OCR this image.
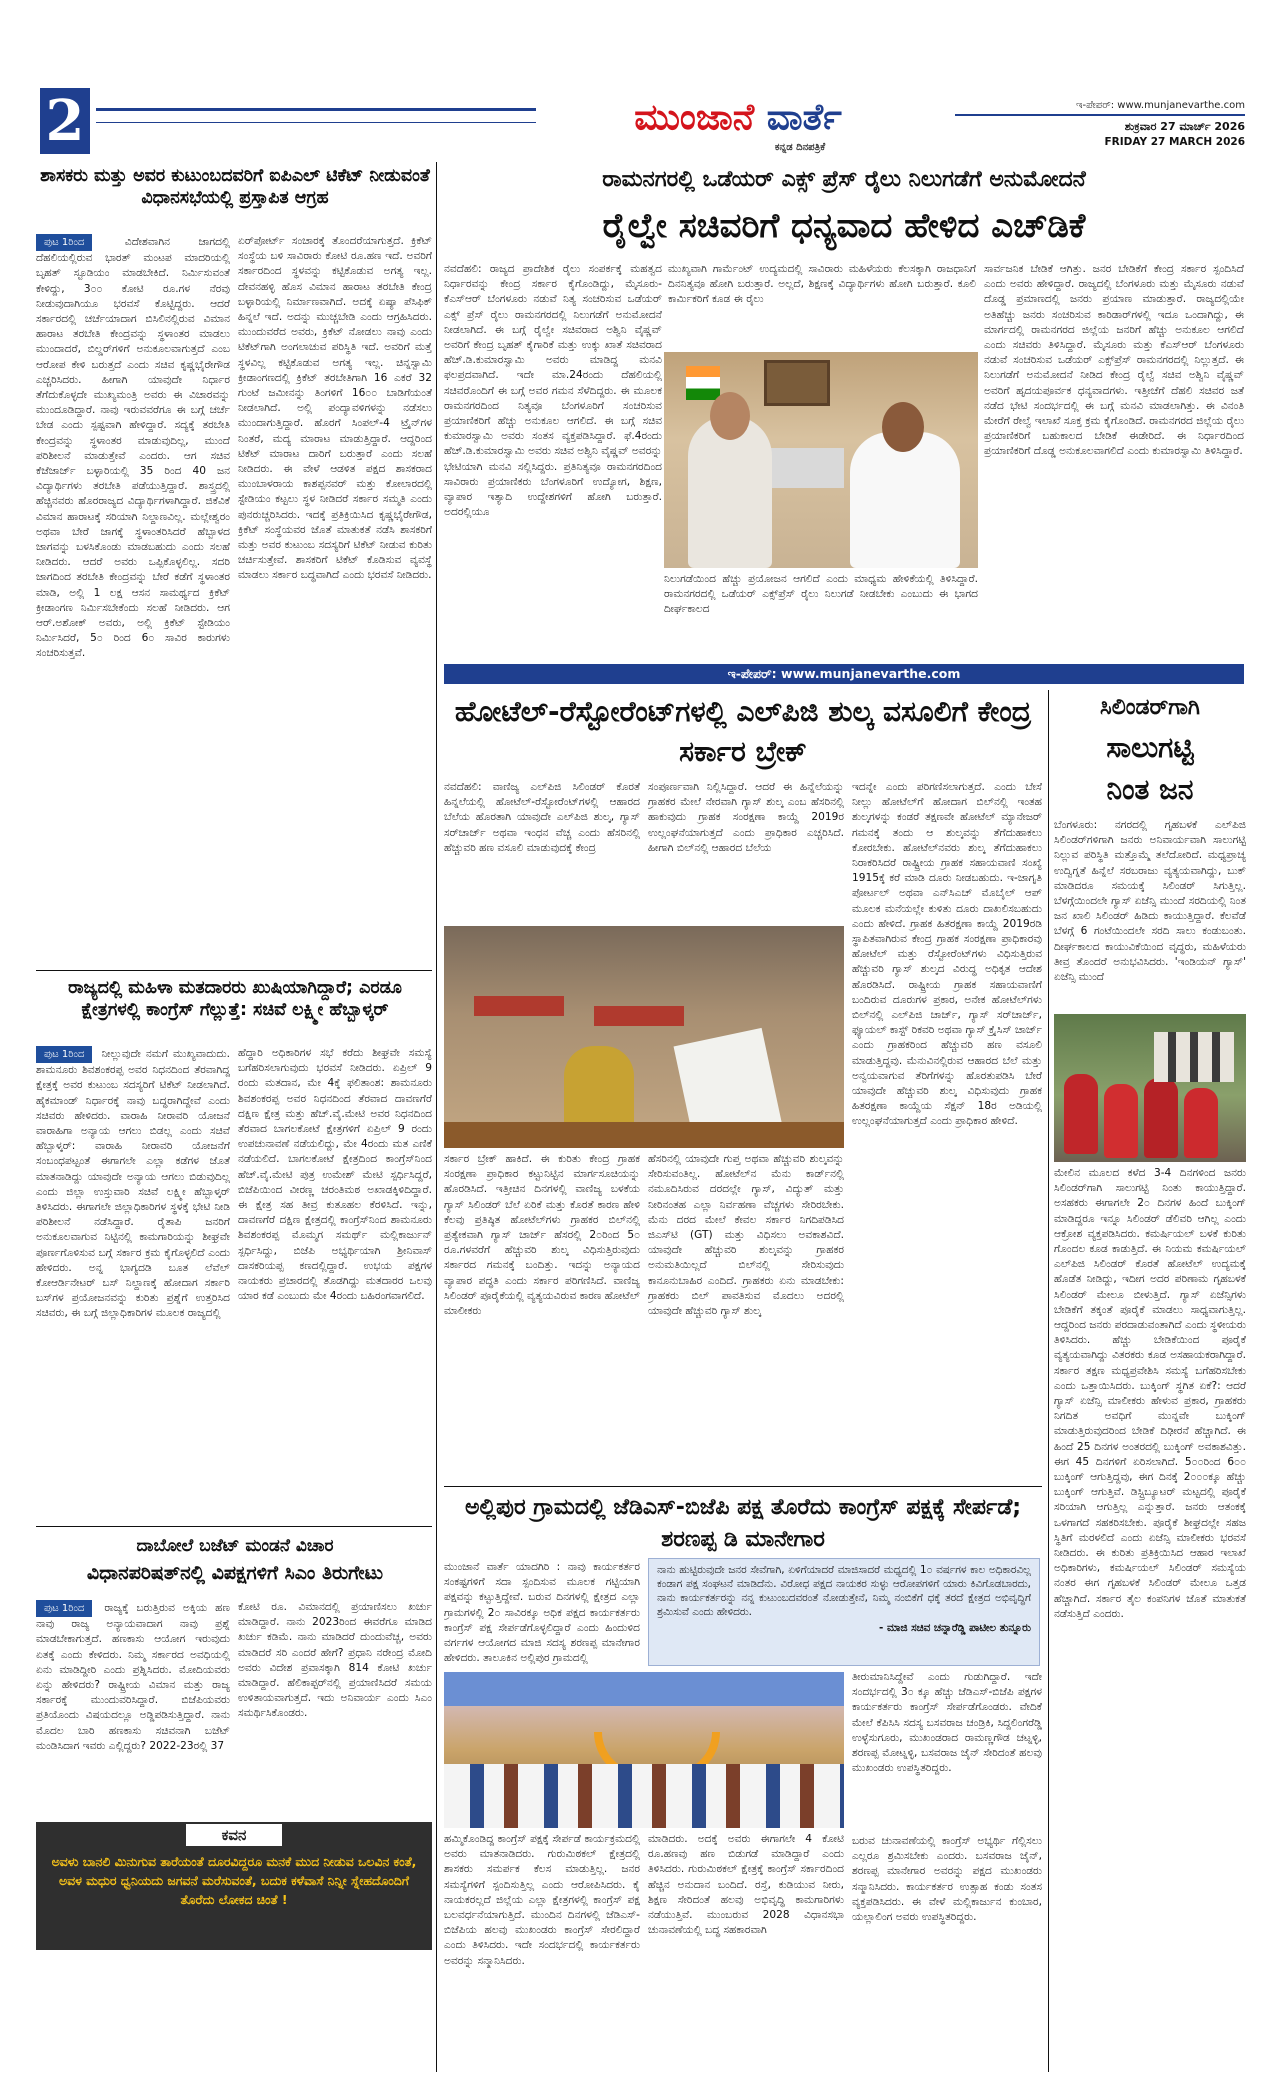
2	ಮುಂಜಾನೆ ವಾರ್ತೆ
ಕನ್ನಡ ದಿನಪತ್ರಿಕೆ
ಇ-ಪೇಪರ್: www.munjanevarthe.com
ಶುಕ್ರವಾರ 27 ಮಾರ್ಚ್ 2026
FRIDAY 27 MARCH 2026
ಶಾಸಕರು ಮತ್ತು ಅವರ ಕುಟುಂಬದವರಿಗೆ ಐಪಿಎಲ್ ಟಿಕೆಟ್ ನೀಡುವಂತೆ ವಿಧಾನಸಭೆಯಲ್ಲಿ ಪ್ರಸ್ತಾಪಿತ ಆಗ್ರಹ
ಪುಟ 1ರಿಂದ	ವಿದೇಶವಾಗಿನ ಜಾಗದಲ್ಲಿ ದೆಹಲಿಯಲ್ಲಿರುವ ಭಾರತ್ ಮಂಟಪ ಮಾದರಿಯಲ್ಲಿ ಬೃಹತ್ ಸ್ಟೂಡಿಯಂ ಮಾಡಬೇಕಿದೆ. ನಿರ್ಮಿಸುವಂತೆ ಕೇಳಿದ್ದು, 3೦೦ ಕೋಟಿ ರೂ.ಗಳ ನೆರವು ನೀಡುವುದಾಗಿಯೂ ಭರವಸೆ ಕೊಟ್ಟಿದ್ದರು. ಆದರೆ ಸರ್ಕಾರದಲ್ಲಿ ಚರ್ಚೆಯಾದಾಗ ಬಿಸಿಲಿನಲ್ಲಿರುವ ವಿಮಾನ ಹಾರಾಟ ತರಬೇತಿ ಕೇಂದ್ರವನ್ನು ಸ್ಥಳಾಂತರ ಮಾಡಲು ಮುಂದಾದರೆ, ಬಿಲ್ಡರ್‌ಗಳಿಗೆ ಅನುಕೂಲವಾಗುತ್ತದೆ ಎಂಬ ಆರೋಪ ಕೇಳಿ ಬರುತ್ತದೆ ಎಂದು ಸಚಿವ ಕೃಷ್ಣಭೈರೇಗೌಡ ಎಚ್ಚರಿಸಿದರು. ಹೀಗಾಗಿ ಯಾವುದೇ ನಿರ್ಧಾರ ತೆಗೆದುಕೊಳ್ಳದೇ ಮುಖ್ಯಮಂತ್ರಿ ಅವರು ಈ ವಿಚಾರವನ್ನು ಮುಂದೂಡಿದ್ದಾರೆ. ನಾವು ಇರುವವರೆಗೂ ಈ ಬಗ್ಗೆ ಚರ್ಚೆ ಬೇಡ ಎಂದು ಸ್ಪಷ್ಟವಾಗಿ ಹೇಳಿದ್ದಾರೆ. ಸದ್ಯಕ್ಕೆ ತರಬೇತಿ ಕೇಂದ್ರವನ್ನು ಸ್ಥಳಾಂತರ ಮಾಡುವುದಿಲ್ಲ, ಮುಂದೆ ಪರಿಶೀಲನೆ ಮಾಡುತ್ತೇವೆ ಎಂದರು. ಆಗ ಸಚಿವ ಕೆಜೆಜಾರ್ಜ್ ಬಳ್ಳಾರಿಯಲ್ಲಿ 35 ರಿಂದ 40 ಜನ ವಿದ್ಯಾರ್ಥಿಗಳು ತರಬೇತಿ ಪಡೆಯುತ್ತಿದ್ದಾರೆ. ಶಾಸ್ತ್ರದಲ್ಲಿ ಹೆಚ್ಚಿನವರು ಹೊರರಾಜ್ಯದ ವಿದ್ಯಾರ್ಥಿಗಳಾಗಿದ್ದಾರೆ. ಜಿಕೆವಿಕೆ ವಿಮಾನ ಹಾರಾಟಕ್ಕೆ ಸರಿಯಾಗಿ ನಿಲ್ದಾಣವಿಲ್ಲ. ಮಲ್ಲೇಶ್ವರಂ ಅಥವಾ ಬೇರೆ ಜಾಗಕ್ಕೆ ಸ್ಥಳಾಂತರಿಸಿದರೆ ಹೆಬ್ಬಾಳದ ಜಾಗವನ್ನು ಬಳಸಿಕೊಂಡು ಮಾಡಬಹುದು ಎಂದು ಸಲಹೆ ನೀಡಿದರು. ಆದರೆ ಅವರು ಒಪ್ಪಿಕೊಳ್ಳಲಿಲ್ಲ. ಸದರಿ ಜಾಗದಿಂದ ತರಬೇತಿ ಕೇಂದ್ರವನ್ನು ಬೇರೆ ಕಡೆಗೆ ಸ್ಥಳಾಂತರ ಮಾಡಿ, ಅಲ್ಲಿ 1 ಲಕ್ಷ ಆಸನ ಸಾಮರ್ಥ್ಯದ ಕ್ರಿಕೆಟ್ ಕ್ರೀಡಾಂಗಣ ನಿರ್ಮಿಸಬೇಕೆಂದು ಸಲಹೆ ನೀಡಿದರು. ಆಗ ಆರ್.ಅಶೋಕ್ ಅವರು, ಅಲ್ಲಿ ಕ್ರಿಕೆಟ್ ಸ್ಟೇಡಿಯಂ ನಿರ್ಮಿಸಿದರೆ, 5೦ ರಿಂದ 6೦ ಸಾವಿರ ಕಾರುಗಳು ಸಂಚರಿಸುತ್ತವೆ.
ಏರ್‌ಪೋರ್ಟ್ ಸಂಚಾರಕ್ಕೆ ತೊಂದರೆಯಾಗುತ್ತದೆ. ಕ್ರಿಕೆಟ್ ಸಂಸ್ಥೆಯ ಬಳಿ ಸಾವಿರಾರು ಕೋಟಿ ರೂ.ಹಣ ಇದೆ. ಅವರಿಗೆ ಸರ್ಕಾರದಿಂದ ಸ್ಥಳವನ್ನು ಕಟ್ಟಿಕೊಡುವ ಅಗತ್ಯ ಇಲ್ಲ. ದೇವನಹಳ್ಳಿ ಹೊಸ ವಿಮಾನ ಹಾರಾಟ ತರಬೇತಿ ಕೇಂದ್ರ ಬಳ್ಳಾರಿಯಲ್ಲಿ ನಿರ್ಮಾಣವಾಗಿದೆ. ಅದಕ್ಕೆ ಏಷ್ಯಾ ಪೆಸಿಫಿಕ್ ಹಿನ್ನಲೆ ಇದೆ. ಅದನ್ನು ಮುಚ್ಚಬೇಡಿ ಎಂದು ಆಗ್ರಹಿಸಿದರು. ಮುಂದುವರೆದ ಅವರು, ಕ್ರಿಕೆಟ್ ನೋಡಲು ನಾವು ಎಂದು ಟಿಕೆಟ್‌ಗಾಗಿ ಅಂಗಲಾಚುವ ಪರಿಸ್ಥಿತಿ ಇದೆ. ಅವರಿಗೆ ಮತ್ತೆ ಸ್ಥಳವಿಲ್ಲ ಕಟ್ಟಿಕೊಡುವ ಅಗತ್ಯ ಇಲ್ಲ. ಚಿನ್ನಸ್ವಾಮಿ ಕ್ರೀಡಾಂಗಣದಲ್ಲಿ ಕ್ರಿಕೆಟ್ ತರಬೇತಿಗಾಗಿ 16 ಎಕರೆ 32 ಗುಂಟೆ ಜಮೀನನ್ನು ತಿಂಗಳಿಗೆ 16೦೦ ಬಾಡಿಗೆಯಂತೆ ನೀಡಲಾಗಿದೆ. ಅಲ್ಲಿ ಪಂದ್ಯಾವಳಿಗಳನ್ನು ನಡೆಸಲು ಮುಂದಾಗುತ್ತಿದ್ದಾರೆ. ಹೊರಗೆ ಸಿಂಪಲ್-4 ಟ್ರೈನ್‌ಗಳ ನಿಂತರೆ, ಮದ್ಯ ಮಾರಾಟ ಮಾಡುತ್ತಿದ್ದಾರೆ. ಆದ್ದರಿಂದ ಟಿಕೆಟ್ ಮಾರಾಟ ದಾರಿಗೆ ಬರುತ್ತಾರೆ ಎಂದು ಸಲಹೆ ನೀಡಿದರು. ಈ ವೇಳೆ ಆಡಳಿತ ಪಕ್ಷದ ಶಾಸಕರಾದ ಮುಂಬಾಳರಾಯ ಕಾಶಪ್ಪನವರ್ ಮತ್ತು ಕೋಲಾರದಲ್ಲಿ ಸ್ಟೇಡಿಯಂ ಕಟ್ಟಲು ಸ್ಥಳ ನೀಡಿದರೆ ಸರ್ಕಾರ ಸಮ್ಮತಿ ಎಂದು ಪುನರುಚ್ಚರಿಸಿದರು. ಇದಕ್ಕೆ ಪ್ರತಿಕ್ರಿಯಿಸಿದ ಕೃಷ್ಣಭೈರೇಗೌಡ, ಕ್ರಿಕೆಟ್ ಸಂಸ್ಥೆಯವರ ಜೊತೆ ಮಾತುಕತೆ ನಡೆಸಿ ಶಾಸಕರಿಗೆ ಮತ್ತು ಅವರ ಕುಟುಂಬ ಸದಸ್ಯರಿಗೆ ಟಿಕೆಟ್ ನೀಡುವ ಕುರಿತು ಚರ್ಚಿಸುತ್ತೇವೆ. ಶಾಸಕರಿಗೆ ಟಿಕೆಟ್ ಕೊಡಿಸುವ ವ್ಯವಸ್ಥೆ ಮಾಡಲು ಸರ್ಕಾರ ಬದ್ಧವಾಗಿದೆ ಎಂದು ಭರವಸೆ ನೀಡಿದರು.
ರಾಜ್ಯದಲ್ಲಿ ಮಹಿಳಾ ಮತದಾರರು ಖುಷಿಯಾಗಿದ್ದಾರೆ; ಎರಡೂ ಕ್ಷೇತ್ರಗಳಲ್ಲಿ ಕಾಂಗ್ರೆಸ್ ಗೆಲ್ಲುತ್ತೆ: ಸಚಿವೆ ಲಕ್ಷ್ಮೀ ಹೆಬ್ಬಾಳ್ಕರ್
ಪುಟ 1ರಿಂದ ನೀಲ್ಲುವುದೇ ನಮಗೆ ಮುಖ್ಯವಾದುದು. ಶಾಮನೂರು ಶಿವಶಂಕರಪ್ಪ ಅವರ ನಿಧನದಿಂದ ತೆರವಾಗಿದ್ದ ಕ್ಷೇತ್ರಕ್ಕೆ ಅವರ ಕುಟುಂಬ ಸದಸ್ಯರಿಗೆ ಟಿಕೆಟ್ ನೀಡಲಾಗಿದೆ. ಹೈಕಮಾಂಡ್ ನಿರ್ಧಾರಕ್ಕೆ ನಾವು ಬದ್ಧರಾಗಿದ್ದೇವೆ ಎಂದು ಸಚಿವರು ಹೇಳಿದರು. ವಾರಾಹಿ ನೀರಾವರಿ ಯೋಜನೆ ವಾರಾಹಿಗಾ ಅನ್ಯಾಯ ಆಗಲು ಬಿಡಲ್ಲ ಎಂದು ಸಚಿವೆ ಹೆಬ್ಬಾಳ್ಕರ್: ವಾರಾಹಿ ನೀರಾವರಿ ಯೋಜನೆಗೆ ಸಂಬಂಧಪಟ್ಟಂತೆ ಈಗಾಗಲೇ ಎಲ್ಲಾ ಕಡೆಗಳ ಜೊತೆ ಮಾತನಾಡಿದ್ದು ಯಾವುದೇ ಅನ್ಯಾಯ ಆಗಲು ಬಿಡುವುದಿಲ್ಲ ಎಂದು ಜಿಲ್ಲಾ ಉಸ್ತುವಾರಿ ಸಚಿವೆ ಲಕ್ಷ್ಮೀ ಹೆಬ್ಬಾಳ್ಕರ್ ತಿಳಿಸಿದರು. ಈಗಾಗಲೇ ಜಿಲ್ಲಾಧಿಕಾರಿಗಳ ಸ್ಥಳಕ್ಕೆ ಭೇಟಿ ನೀಡಿ ಪರಿಶೀಲನೆ ನಡೆಸಿದ್ದಾರೆ. ರೈತಾಪಿ ಜನರಿಗೆ ಅನುಕೂಲವಾಗುವ ನಿಟ್ಟಿನಲ್ಲಿ ಕಾಮಗಾರಿಯನ್ನು ಶೀಘ್ರವೇ ಪೂರ್ಣಗೊಳಿಸುವ ಬಗ್ಗೆ ಸರ್ಕಾರ ಕ್ರಮ ಕೈಗೊಳ್ಳಲಿದೆ ಎಂದು ಹೇಳಿದರು. ಅನ್ನ ಭಾಗ್ಯದಡಿ ಬೂತ ಲೆವೆಲ್ ಕೋಆರ್ಡಿನೇಟರ್ ಬಸ್ ನಿಲ್ದಾಣಕ್ಕೆ ಹೋದಾಗ ಸರ್ಕಾರಿ ಬಸ್‌ಗಳ ಪ್ರಯೋಜನವನ್ನು ಕುರಿತು ಪ್ರಶ್ನೆಗೆ ಉತ್ತರಿಸಿದ ಸಚಿವರು, ಈ ಬಗ್ಗೆ ಜಿಲ್ಲಾಧಿಕಾರಿಗಳ ಮೂಲಕ ರಾಜ್ಯದಲ್ಲಿ
ಹೆದ್ದಾರಿ ಅಧಿಕಾರಿಗಳ ಸಭೆ ಕರೆದು ಶೀಘ್ರವೇ ಸಮಸ್ಯೆ ಬಗೆಹರಿಸಲಾಗುವುದು ಭರವಸೆ ನೀಡಿದರು. ಏಪ್ರಿಲ್ 9 ರಂದು ಮತದಾನ, ಮೇ 4ಕ್ಕೆ ಫಲಿತಾಂಶ: ಶಾಮನೂರು ಶಿವಶಂಕರಪ್ಪ ಅವರ ನಿಧನದಿಂದ ತೆರವಾದ ದಾವಣಗೆರೆ ದಕ್ಷಿಣ ಕ್ಷೇತ್ರ ಮತ್ತು ಹೆಚ್.ವೈ.ಮೇಟಿ ಅವರ ನಿಧನದಿಂದ ತೆರವಾದ ಬಾಗಲಕೋಟೆ ಕ್ಷೇತ್ರಗಳಿಗೆ ಏಪ್ರಿಲ್ 9 ರಂದು ಉಪಚುನಾವಣೆ ನಡೆಯಲಿದ್ದು, ಮೇ 4ರಂದು ಮತ ಎಣಿಕೆ ನಡೆಯಲಿದೆ. ಬಾಗಲಕೋಟೆ ಕ್ಷೇತ್ರದಿಂದ ಕಾಂಗ್ರೆಸ್‌ನಿಂದ ಹೆಚ್.ವೈ.ಮೇಟಿ ಪುತ್ರ ಉಮೇಶ್ ಮೇಟಿ ಸ್ಪರ್ಧಿಸಿದ್ದರೆ, ಬಿಜೆಪಿಯಿಂದ ವೀರಣ್ಣ ಚರಂತಿಮಠ ಅಖಾಡಕ್ಕಿಳಿದಿದ್ದಾರೆ. ಈ ಕ್ಷೇತ್ರ ಸಹ ತೀವ್ರ ಕುತೂಹಲ ಕೆರಳಿಸಿದೆ. ಇನ್ನು, ದಾವಣಗೆರೆ ದಕ್ಷಿಣ ಕ್ಷೇತ್ರದಲ್ಲಿ ಕಾಂಗ್ರೆಸ್‌ನಿಂದ ಶಾಮನೂರು ಶಿವಶಂಕರಪ್ಪ ಮೊಮ್ಮಗ ಸಮರ್ಥ್ ಮಲ್ಲಿಕಾರ್ಜುನ್ ಸ್ಪರ್ಧಿಸಿದ್ದು, ಬಿಜೆಪಿ ಅಭ್ಯರ್ಥಿಯಾಗಿ ಶ್ರೀನಿವಾಸ್ ದಾಸಕರಿಯಪ್ಪ ಕಣದಲ್ಲಿದ್ದಾರೆ. ಉಭಯ ಪಕ್ಷಗಳ ನಾಯಕರು ಪ್ರಚಾರದಲ್ಲಿ ತೊಡಗಿದ್ದು ಮತದಾರರ ಒಲವು ಯಾರ ಕಡೆ ಎಂಬುದು ಮೇ 4ರಂದು ಬಹಿರಂಗವಾಗಲಿದೆ.
ದಾಬೋಲೆ ಬಜೆಟ್ ಮಂಡನೆ ವಿಚಾರ
ವಿಧಾನಪರಿಷತ್‌ನಲ್ಲಿ ವಿಪಕ್ಷಗಳಿಗೆ ಸಿಎಂ ತಿರುಗೇಟು
ಪುಟ 1ರಿಂದ ರಾಜ್ಯಕ್ಕೆ ಬರುತ್ತಿರುವ ಅಕ್ಕಿಯ ಹಣ ನಾವು ರಾಜ್ಯ ಅನ್ಯಾಯವಾದಾಗ ನಾವು ಪ್ರಶ್ನೆ ಮಾಡಬೇಕಾಗುತ್ತದೆ. ಹಣಕಾಸು ಆಯೋಗ ಇರುವುದು ಏತಕ್ಕೆ ಎಂದು ಕೇಳಿದರು. ನಿಮ್ಮ ಸರ್ಕಾರದ ಅವಧಿಯಲ್ಲಿ ಏನು ಮಾಡಿದ್ದೀರಿ ಎಂದು ಪ್ರಶ್ನಿಸಿದರು. ಮೋದಿಯವರು ಏನ್ನು ಹೇಳಿದರು? ರಾಷ್ಟ್ರೀಯ ವಿಮಾನ ಮತ್ತು ರಾಜ್ಯ ಸರ್ಕಾರಕ್ಕೆ ಮುಂದುವರಿಸಿದ್ದಾರೆ. ಬಿಜೆಪಿಯವರು ಪ್ರತಿಯೊಂದು ವಿಷಯದಲ್ಲೂ ಅಡ್ಡಿಪಡಿಸುತ್ತಿದ್ದಾರೆ. ನಾನು ಮೊದಲ ಬಾರಿ ಹಣಕಾಸು ಸಚಿವನಾಗಿ ಬಜೆಟ್ ಮಂಡಿಸಿದಾಗ ಇವರು ಎಲ್ಲಿದ್ದರು? 2022-23ರಲ್ಲಿ 37
ಕೋಟಿ ರೂ. ವಿಮಾನದಲ್ಲಿ ಪ್ರಯಾಣಿಸಲು ಖರ್ಚು ಮಾಡಿದ್ದಾರೆ. ನಾನು 2023ರಿಂದ ಈವರೆಗೂ ಮಾಡಿದ ಖರ್ಚು ಕಡಿಮೆ. ನಾನು ಮಾಡಿದರೆ ದುಂದುವೆಚ್ಚ, ಅವರು ಮಾಡಿದರೆ ಸರಿ ಎಂದರೆ ಹೇಗೆ? ಪ್ರಧಾನಿ ನರೇಂದ್ರ ಮೋದಿ ಅವರು ವಿದೇಶ ಪ್ರವಾಸಕ್ಕಾಗಿ 814 ಕೋಟಿ ಖರ್ಚು ಮಾಡಿದ್ದಾರೆ. ಹೆಲಿಕಾಪ್ಟರ್‌ನಲ್ಲಿ ಪ್ರಯಾಣಿಸಿದರೆ ಸಮಯ ಉಳಿತಾಯವಾಗುತ್ತದೆ. ಇದು ಅನಿವಾರ್ಯ ಎಂದು ಸಿಎಂ ಸಮರ್ಥಿಸಿಕೊಂಡರು.
ಕವನ
ಅವಳು ಬಾನಲಿ ಮಿನುಗುವ ತಾರೆಯಂತೆ ದೂರವಿದ್ದರೂ ಮನಕೆ ಮುದ ನೀಡುವ ಒಲವಿನ ಕಂತೆ, ಅವಳ ಮಧುರ ಧ್ವನಿಯದು ಜಗವನೆ ಮರೆಸುವಂತೆ, ಬದುಕ ಕಳೆವಾಸೆ ನಿನ್ನೀ ಸ್ನೇಹದೊಂದಿಗೆ ತೊರೆದು ಲೋಕದ ಚಿಂತೆ !
ರಾಮನಗರಲ್ಲಿ ಒಡೆಯರ್ ಎಕ್ಸ್ ಪ್ರೆಸ್ ರೈಲು ನಿಲುಗಡೆಗೆ ಅನುಮೋದನೆ
ರೈಲ್ವೇ ಸಚಿವರಿಗೆ ಧನ್ಯವಾದ ಹೇಳಿದ ಎಚ್‌ಡಿಕೆ
ನವದೆಹಲಿ: ರಾಜ್ಯದ ಪ್ರಾದೇಶಿಕ ರೈಲು ಸಂಪರ್ಕಕ್ಕೆ ಮಹತ್ವದ ನಿರ್ಧಾರವನ್ನು ಕೇಂದ್ರ ಸರ್ಕಾರ ಕೈಗೊಂಡಿದ್ದು, ಮೈಸೂರು-ಕೆಎಸ್‌ಆರ್ ಬೆಂಗಳೂರು ನಡುವೆ ನಿತ್ಯ ಸಂಚರಿಸುವ ಒಡೆಯರ್ ಎಕ್ಸ್ ಪ್ರೆಸ್ ರೈಲು ರಾಮನಗರದಲ್ಲಿ ನಿಲುಗಡೆಗೆ ಅನುಮೋದನೆ ನೀಡಲಾಗಿದೆ. ಈ ಬಗ್ಗೆ ರೈಲ್ವೇ ಸಚಿವರಾದ ಅಶ್ವಿನಿ ವೈಷ್ಣವ್ ಅವರಿಗೆ ಕೇಂದ್ರ ಬೃಹತ್ ಕೈಗಾರಿಕೆ ಮತ್ತು ಉಕ್ಕು ಖಾತೆ ಸಚಿವರಾದ ಹೆಚ್.ಡಿ.ಕುಮಾರಸ್ವಾಮಿ ಅವರು ಮಾಡಿದ್ದ ಮನವಿ ಫಲಪ್ರದವಾಗಿದೆ. ಇದೇ ಮಾ.24ರಂದು ದೆಹಲಿಯಲ್ಲಿ ಸಚಿವರೊಂದಿಗೆ ಈ ಬಗ್ಗೆ ಅವರ ಗಮನ ಸೆಳೆದಿದ್ದರು. ಈ ಮೂಲಕ ರಾಮನಗರದಿಂದ ನಿತ್ಯವೂ ಬೆಂಗಳೂರಿಗೆ ಸಂಚರಿಸುವ ಪ್ರಯಾಣಿಕರಿಗೆ ಹೆಚ್ಚು ಅನುಕೂಲ ಆಗಲಿದೆ. ಈ ಬಗ್ಗೆ ಸಚಿವ ಕುಮಾರಸ್ವಾಮಿ ಅವರು ಸಂತಸ ವ್ಯಕ್ತಪಡಿಸಿದ್ದಾರೆ. ಫೆ.4ರಂದು ಹೆಚ್.ಡಿ.ಕುಮಾರಸ್ವಾಮಿ ಅವರು ಸಚಿವ ಅಶ್ವಿನಿ ವೈಷ್ಣವ್ ಅವರನ್ನು ಭೇಟಿಯಾಗಿ ಮನವಿ ಸಲ್ಲಿಸಿದ್ದರು. ಪ್ರತಿನಿತ್ಯವೂ ರಾಮನಗರದಿಂದ ಸಾವಿರಾರು ಪ್ರಯಾಣಿಕರು ಬೆಂಗಳೂರಿಗೆ ಉದ್ಯೋಗ, ಶಿಕ್ಷಣ, ವ್ಯಾಪಾರ ಇತ್ಯಾದಿ ಉದ್ದೇಶಗಳಿಗೆ ಹೋಗಿ ಬರುತ್ತಾರೆ. ಅದರಲ್ಲಿಯೂ
ಮುಖ್ಯವಾಗಿ ಗಾರ್ಮೆಂಟ್ ಉದ್ಯಮದಲ್ಲಿ ಸಾವಿರಾರು ಮಹಿಳೆಯರು ಕೆಲಸಕ್ಕಾಗಿ ರಾಜಧಾನಿಗೆ ದಿನನಿತ್ಯವೂ ಹೋಗಿ ಬರುತ್ತಾರೆ. ಅಲ್ಲದೆ, ಶಿಕ್ಷಣಕ್ಕೆ ವಿದ್ಯಾರ್ಥಿಗಳು ಹೋಗಿ ಬರುತ್ತಾರೆ. ಕೂಲಿ ಕಾರ್ಮಿಕರಿಗೆ ಕೂಡ ಈ ರೈಲು
ಸಾರ್ವಜನಿಕ ಬೇಡಿಕೆ ಆಗಿತ್ತು. ಜನರ ಬೇಡಿಕೆಗೆ ಕೇಂದ್ರ ಸರ್ಕಾರ ಸ್ಪಂದಿಸಿದೆ ಎಂದು ಅವರು ಹೇಳಿದ್ದಾರೆ. ರಾಜ್ಯದಲ್ಲಿ ಬೆಂಗಳೂರು ಮತ್ತು ಮೈಸೂರು ನಡುವೆ ದೊಡ್ಡ ಪ್ರಮಾಣದಲ್ಲಿ ಜನರು ಪ್ರಯಾಣ ಮಾಡುತ್ತಾರೆ. ರಾಜ್ಯದಲ್ಲಿಯೇ ಅತಿಹೆಚ್ಚು ಜನರು ಸಂಚರಿಸುವ ಕಾರಿಡಾರ್‌ಗಳಲ್ಲಿ ಇದೂ ಒಂದಾಗಿದ್ದು, ಈ ಮಾರ್ಗದಲ್ಲಿ ರಾಮನಗರದ ಜಿಲ್ಲೆಯ ಜನರಿಗೆ ಹೆಚ್ಚು ಅನುಕೂಲ ಆಗಲಿದೆ ಎಂದು ಸಚಿವರು ತಿಳಿಸಿದ್ದಾರೆ. ಮೈಸೂರು ಮತ್ತು ಕೆಎಸ್‌ಆರ್ ಬೆಂಗಳೂರು ನಡುವೆ ಸಂಚರಿಸುವ ಒಡೆಯರ್ ಎಕ್ಸ್‌ಪ್ರೆಸ್ ರಾಮನಗರದಲ್ಲಿ ನಿಲ್ಲುತ್ತದೆ. ಈ ನಿಲುಗಡೆಗೆ ಅನುಮೋದನೆ ನೀಡಿದ ಕೇಂದ್ರ ರೈಲ್ವೆ ಸಚಿವ ಅಶ್ವಿನಿ ವೈಷ್ಣವ್ ಅವರಿಗೆ ಹೃದಯಪೂರ್ವಕ ಧನ್ಯವಾದಗಳು. ಇತ್ತೀಚೆಗೆ ದೆಹಲಿ ಸಚಿವರ ಜತೆ ನಡೆದ ಭೇಟಿ ಸಂದರ್ಭದಲ್ಲಿ ಈ ಬಗ್ಗೆ ಮನವಿ ಮಾಡಲಾಗಿತ್ತು. ಈ ವಿನಂತಿ ಮೇರೆಗೆ ರೇಲ್ವೆ ಇಲಾಖೆ ಸೂಕ್ತ ಕ್ರಮ ಕೈಗೊಂಡಿದೆ. ರಾಮನಗರದ ಜಿಲ್ಲೆಯ ರೈಲು ಪ್ರಯಾಣಿಕರಿಗೆ ಬಹುಕಾಲದ ಬೇಡಿಕೆ ಈಡೇರಿದೆ. ಈ ನಿರ್ಧಾರದಿಂದ ಪ್ರಯಾಣಿಕರಿಗೆ ದೊಡ್ಡ ಅನುಕೂಲವಾಗಲಿದೆ ಎಂದು ಕುಮಾರಸ್ವಾಮಿ ತಿಳಿಸಿದ್ದಾರೆ.
ನಿಲುಗಡೆಯಿಂದ ಹೆಚ್ಚು ಪ್ರಯೋಜನ ಆಗಲಿದೆ ಎಂದು ಮಾಧ್ಯಮ ಹೇಳಿಕೆಯಲ್ಲಿ ತಿಳಿಸಿದ್ದಾರೆ. ರಾಮನಗರದಲ್ಲಿ ಒಡೆಯರ್ ಎಕ್ಸ್‌ಪ್ರೆಸ್ ರೈಲು ನಿಲುಗಡೆ ನೀಡಬೇಕು ಎಂಬುದು ಈ ಭಾಗದ ದೀರ್ಘಕಾಲದ
ಇ-ಪೇಪರ್: www.munjanevarthe.com
ಹೋಟೆಲ್-ರೆಸ್ಟೋರೆಂಟ್‌ಗಳಲ್ಲಿ ಎಲ್‌ಪಿಜಿ ಶುಲ್ಕ ವಸೂಲಿಗೆ ಕೇಂದ್ರ ಸರ್ಕಾರ ಬ್ರೇಕ್
ನವದೆಹಲಿ: ವಾಣಿಜ್ಯ ಎಲ್‌ಪಿಜಿ ಸಿಲಿಂಡರ್ ಕೊರತೆ ಹಿನ್ನಲೆಯಲ್ಲಿ ಹೋಟೆಲ್-ರೆಸ್ಟೋರೆಂಟ್‌ಗಳಲ್ಲಿ ಆಹಾರದ ಬೆಲೆಯ ಹೊರತಾಗಿ ಯಾವುದೇ ಎಲ್‌ಪಿಜಿ ಶುಲ್ಕ, ಗ್ಯಾಸ್ ಸರ್‌ಚಾರ್ಜ್ ಅಥವಾ ಇಂಧನ ವೆಚ್ಚ ಎಂದು ಹೆಸರಿನಲ್ಲಿ ಹೆಚ್ಚುವರಿ ಹಣ ವಸೂಲಿ ಮಾಡುವುದಕ್ಕೆ ಕೇಂದ್ರ
ಸಂಪೂರ್ಣವಾಗಿ ನಿಲ್ಲಿಸಿದ್ದಾರೆ. ಆದರೆ ಈ ಹಿನ್ನೆಲೆಯನ್ನು ಗ್ರಾಹಕರ ಮೇಲೆ ನೇರವಾಗಿ ಗ್ಯಾಸ್ ಶುಲ್ಕ ಎಂಬ ಹೆಸರಿನಲ್ಲಿ ಹಾಕುವುದು ಗ್ರಾಹಕ ಸಂರಕ್ಷಣಾ ಕಾಯ್ದೆ 2019ರ ಉಲ್ಲಂಘನೆಯಾಗುತ್ತದೆ ಎಂದು ಪ್ರಾಧಿಕಾರ ಎಚ್ಚರಿಸಿದೆ. ಹೀಗಾಗಿ ಬಿಲ್‌ನಲ್ಲಿ ಆಹಾರದ ಬೆಲೆಯ
ಇದನ್ನೇ ಎಂದು ಪರಿಗಣಿಸಲಾಗುತ್ತದೆ. ಎಂದು ಬೇಸೆ ನೀಲ್ಲು ಹೋಟೆಲ್‌ಗೆ ಹೋದಾಗ ಬಿಲ್‌ನಲ್ಲಿ ಇಂತಹ ಶುಲ್ಕಗಳನ್ನು ಕಂಡರೆ ತಕ್ಷಣವೇ ಹೋಟೆಲ್ ಮ್ಯಾನೇಜರ್ ಗಮನಕ್ಕೆ ತಂದು ಆ ಶುಲ್ಕವನ್ನು ತೆಗೆದುಹಾಕಲು ಕೋರಬೇಕು. ಹೋಟೆಲ್‌ನವರು ಶುಲ್ಕ ತೆಗೆದುಹಾಕಲು ನಿರಾಕರಿಸಿದರೆ ರಾಷ್ಟ್ರೀಯ ಗ್ರಾಹಕ ಸಹಾಯವಾಣಿ ಸಂಖ್ಯೆ 1915ಕ್ಕೆ ಕರೆ ಮಾಡಿ ದೂರು ನೀಡಬಹುದು. ಇ-ಜಾಗೃತಿ ಪೋರ್ಟಲ್ ಅಥವಾ ಎನ್‌ಸಿಎಚ್ ಮೊಬೈಲ್ ಆಪ್ ಮೂಲಕ ಮನೆಯಲ್ಲೇ ಕುಳಿತು ದೂರು ದಾಖಲಿಸಬಹುದು ಎಂದು ಹೇಳಿದೆ. ಗ್ರಾಹಕ ಹಿತರಕ್ಷಣಾ ಕಾಯ್ದೆ 2019ರಡಿ ಸ್ಥಾಪಿತವಾಗಿರುವ ಕೇಂದ್ರ ಗ್ರಾಹಕ ಸಂರಕ್ಷಣಾ ಪ್ರಾಧಿಕಾರವು ಹೋಟೆಲ್ ಮತ್ತು ರೆಸ್ಟೋರೆಂಟ್‌ಗಳು ವಿಧಿಸುತ್ತಿರುವ ಹೆಚ್ಚುವರಿ ಗ್ಯಾಸ್ ಶುಲ್ಕದ ವಿರುದ್ಧ ಅಧಿಕೃತ ಆದೇಶ ಹೊರಡಿಸಿದೆ. ರಾಷ್ಟ್ರೀಯ ಗ್ರಾಹಕ ಸಹಾಯವಾಣಿಗೆ ಬಂದಿರುವ ದೂರುಗಳ ಪ್ರಕಾರ, ಅನೇಕ ಹೋಟೆಲ್‌ಗಳು ಬಿಲ್‌ನಲ್ಲಿ ಎಲ್‌ಪಿಜಿ ಚಾರ್ಜ್, ಗ್ಯಾಸ್ ಸರ್‌ಚಾರ್ಜ್, ಫ್ಯೂಯಲ್ ಕಾಸ್ಟ್ ರಿಕವರಿ ಅಥವಾ ಗ್ಯಾಸ್ ಕ್ರೈಸಿಸ್ ಚಾರ್ಜ್ ಎಂದು ಗ್ರಾಹಕರಿಂದ ಹೆಚ್ಚುವರಿ ಹಣ ವಸೂಲಿ ಮಾಡುತ್ತಿದ್ದವು. ಮೆನುವಿನಲ್ಲಿರುವ ಆಹಾರದ ಬೆಲೆ ಮತ್ತು ಅನ್ವಯವಾಗುವ ತೆರಿಗೆಗಳನ್ನು ಹೊರತುಪಡಿಸಿ ಬೇರೆ ಯಾವುದೇ ಹೆಚ್ಚುವರಿ ಶುಲ್ಕ ವಿಧಿಸುವುದು ಗ್ರಾಹಕ ಹಿತರಕ್ಷಣಾ ಕಾಯ್ದೆಯ ಸೆಕ್ಷನ್ 18ರ ಅಡಿಯಲ್ಲಿ ಉಲ್ಲಂಘನೆಯಾಗುತ್ತದೆ ಎಂದು ಪ್ರಾಧಿಕಾರ ಹೇಳಿದೆ.
ಸರ್ಕಾರ ಬ್ರೇಕ್ ಹಾಕಿದೆ. ಈ ಕುರಿತು ಕೇಂದ್ರ ಗ್ರಾಹಕ ಸಂರಕ್ಷಣಾ ಪ್ರಾಧಿಕಾರ ಕಟ್ಟುನಿಟ್ಟಿನ ಮಾರ್ಗಸೂಚಿಯನ್ನು ಹೊರಡಿಸಿದೆ. ಇತ್ತೀಚಿನ ದಿನಗಳಲ್ಲಿ ವಾಣಿಜ್ಯ ಬಳಕೆಯ ಗ್ಯಾಸ್ ಸಿಲಿಂಡರ್ ಬೆಲೆ ಏರಿಕೆ ಮತ್ತು ಕೊರತೆ ಕಾರಣ ಹೇಳಿ ಕೆಲವು ಪ್ರತಿಷ್ಠಿತ ಹೋಟೆಲ್‌ಗಳು ಗ್ರಾಹಕರ ಬಿಲ್‌ನಲ್ಲಿ ಪ್ರತ್ಯೇಕವಾಗಿ ಗ್ಯಾಸ್ ಚಾರ್ಜ್ ಹೆಸರಲ್ಲಿ 2೦ರಿಂದ 5೦ ರೂ.ಗಳವರೆಗೆ ಹೆಚ್ಚುವರಿ ಶುಲ್ಕ ವಿಧಿಸುತ್ತಿರುವುದು ಸರ್ಕಾರದ ಗಮನಕ್ಕೆ ಬಂದಿತ್ತು. ಇದನ್ನು ಅನ್ಯಾಯದ ವ್ಯಾಪಾರ ಪದ್ಧತಿ ಎಂದು ಸರ್ಕಾರ ಪರಿಗಣಿಸಿದೆ. ವಾಣಿಜ್ಯ ಸಿಲಿಂಡರ್ ಪೂರೈಕೆಯಲ್ಲಿ ವ್ಯತ್ಯಯವಿರುವ ಕಾರಣ ಹೋಟೆಲ್ ಮಾಲೀಕರು
ಹೆಸರಿನಲ್ಲಿ ಯಾವುದೇ ಗುಪ್ತ ಅಥವಾ ಹೆಚ್ಚುವರಿ ಶುಲ್ಕವನ್ನು ಸೇರಿಸುವಂತಿಲ್ಲ. ಹೋಟೆಲ್‌ನ ಮೆನು ಕಾರ್ಡ್‌ನಲ್ಲಿ ನಮೂದಿಸಿರುವ ದರದಲ್ಲೇ ಗ್ಯಾಸ್, ವಿದ್ಯುತ್ ಮತ್ತು ನೀರಿನಂತಹ ಎಲ್ಲಾ ನಿರ್ವಹಣಾ ವೆಚ್ಚಗಳು ಸೇರಿರಬೇಕು. ಮೆನು ದರದ ಮೇಲೆ ಕೇವಲ ಸರ್ಕಾರ ನಿಗದಿಪಡಿಸಿದ ಜಿಎಸ್‌ಟಿ (GT) ಮತ್ತು ವಿಧಿಸಲು ಅವಕಾಶವಿದೆ. ಯಾವುದೇ ಹೆಚ್ಚುವರಿ ಶುಲ್ಕವನ್ನು ಗ್ರಾಹಕರ ಅನುಮತಿಯಿಲ್ಲದೆ ಬಿಲ್‌ನಲ್ಲಿ ಸೇರಿಸುವುದು ಕಾನೂನುಬಾಹಿರ ಎಂದಿದೆ. ಗ್ರಾಹಕರು ಏನು ಮಾಡಬೇಕು: ಗ್ರಾಹಕರು ಬಿಲ್ ಪಾವತಿಸುವ ಮೊದಲು ಅದರಲ್ಲಿ ಯಾವುದೇ ಹೆಚ್ಚುವರಿ ಗ್ಯಾಸ್ ಶುಲ್ಕ
ಅಲ್ಲಿಪುರ ಗ್ರಾಮದಲ್ಲಿ ಜೆಡಿಎಸ್-ಬಿಜೆಪಿ ಪಕ್ಷ ತೊರೆದು ಕಾಂಗ್ರೆಸ್ ಪಕ್ಷಕ್ಕೆ ಸೇರ್ಪಡೆ; ಶರಣಪ್ಪ ಡಿ ಮಾನೇಗಾರ
ಮುಂಜಾನೆ ವಾರ್ತೆ ಯಾದಗಿರಿ : ನಾವು ಕಾರ್ಯಕರ್ತರ ಸಂಕಷ್ಟಗಳಿಗೆ ಸದಾ ಸ್ಪಂದಿಸುವ ಮೂಲಕ ಗಟ್ಟಿಯಾಗಿ ಪಕ್ಷವನ್ನು ಕಟ್ಟುತ್ತಿದ್ದೇವೆ. ಬರುವ ದಿನಗಳಲ್ಲಿ ಕ್ಷೇತ್ರದ ಎಲ್ಲಾ ಗ್ರಾಮಗಳಲ್ಲಿ 2೦ ಸಾವಿರಕ್ಕೂ ಅಧಿಕ ಪಕ್ಷದ ಕಾರ್ಯಕರ್ತರು ಕಾಂಗ್ರೆಸ್ ಪಕ್ಷ ಸೇರ್ಪಡೆಗೊಳ್ಳಲಿದ್ದಾರೆ ಎಂದು ಹಿಂದುಳಿದ ವರ್ಗಗಳ ಆಯೋಗದ ಮಾಜಿ ಸದಸ್ಯ ಶರಣಪ್ಪ ಮಾನೇಗಾರ ಹೇಳಿದರು. ತಾಲೂಕಿನ ಅಲ್ಲಿಪುರ ಗ್ರಾಮದಲ್ಲಿ
ನಾನು ಹುಟ್ಟಿರುವುದೇ ಜನರ ಸೇವೆಗಾಗಿ, ಏಳಿಗೆಯಾದರೆ ಮಾಜಿಸಾದರೆ ಮಧ್ಯದಲ್ಲಿ 1೦ ವರ್ಷಗಳ ಕಾಲ ಅಧಿಕಾರವಿಲ್ಲ ಕಂಡಾಗ ಪಕ್ಷ ಸಂಘಟನೆ ಮಾಡಿದೆನು. ವಿರೋಧ ಪಕ್ಷದ ನಾಯಕರ ಸುಳ್ಳು ಆರೋಪಗಳಿಗೆ ಯಾರು ಕಿವಿಗೊಡಬಾರದು, ನಾನು ಕಾರ್ಯಕರ್ತರನ್ನು ನನ್ನ ಕುಟುಂಬದವರಂತೆ ನೋಡುತ್ತೇನೆ, ನಿಮ್ಮ ನಂಬಿಕೆಗೆ ಧಕ್ಕೆ ತರದೆ ಕ್ಷೇತ್ರದ ಅಭಿವೃದ್ಧಿಗೆ ಶ್ರಮಿಸುವೆ ಎಂದು ಹೇಳಿದರು.
- ಮಾಜಿ ಸಚಿವ ಚನ್ನಾರೆಡ್ಡಿ ಪಾಟೀಲ ತುನ್ನೂರು
ತೀರುಮಾನಿಸಿದ್ದೇವೆ ಎಂದು ಗುಡುಗಿದ್ದಾರೆ. ಇದೇ ಸಂದರ್ಭದಲ್ಲಿ 3೦ ಕ್ಕೂ ಹೆಚ್ಚು ಜೆಡಿಎಸ್-ಬಿಜೆಪಿ ಪಕ್ಷಗಳ ಕಾರ್ಯಕರ್ತರು ಕಾಂಗ್ರೆಸ್ ಸೇರ್ಪಡೆಗೊಂಡರು. ವೇದಿಕೆ ಮೇಲೆ ಕೆಪಿಸಿಸಿ ಸದಸ್ಯ ಬಸವರಾಜ ಚಂಡ್ರಿಕಿ, ಸಿದ್ದಲಿಂಗರೆಡ್ಡಿ ಉಳ್ಳೆಸುಗೂರು, ಮುಖಂಡರಾದ ರಾಮಣ್ಣಗೌಡ ಚಟ್ನಳ್ಳಿ, ಶರಣಪ್ಪ ಮೋಟ್ನಳ್ಳಿ, ಬಸವರಾಜ ಜೈನ್ ಸೇರಿದಂತೆ ಹಲವು ಮುಖಂಡರು ಉಪಸ್ಥಿತರಿದ್ದರು.
ಹಮ್ಮಿಕೊಂಡಿದ್ದ ಕಾಂಗ್ರೆಸ್ ಪಕ್ಷಕ್ಕೆ ಸೇರ್ಪಡೆ ಕಾರ್ಯಕ್ರಮದಲ್ಲಿ ಅವರು ಮಾತನಾಡಿದರು. ಗುರುಮಿಠಕಲ್ ಕ್ಷೇತ್ರದಲ್ಲಿ ಶಾಸಕರು ಸಮರ್ಪಕ ಕೆಲಸ ಮಾಡುತ್ತಿಲ್ಲ. ಜನರ ಸಮಸ್ಯೆಗಳಿಗೆ ಸ್ಪಂದಿಸುತ್ತಿಲ್ಲ ಎಂದು ಆರೋಪಿಸಿದರು. ಕೈ ನಾಯಕರಲ್ಲದೆ ಜಿಲ್ಲೆಯ ಎಲ್ಲಾ ಕ್ಷೇತ್ರಗಳಲ್ಲಿ ಕಾಂಗ್ರೆಸ್ ಪಕ್ಷ ಬಲವರ್ಧನೆಯಾಗುತ್ತಿದೆ. ಮುಂದಿನ ದಿನಗಳಲ್ಲಿ ಜೆಡಿಎಸ್-ಬಿಜೆಪಿಯ ಹಲವು ಮುಖಂಡರು ಕಾಂಗ್ರೆಸ್ ಸೇರಲಿದ್ದಾರೆ ಎಂದು ತಿಳಿಸಿದರು. ಇದೇ ಸಂದರ್ಭದಲ್ಲಿ ಕಾರ್ಯಕರ್ತರು ಅವರನ್ನು ಸನ್ಮಾನಿಸಿದರು.
ಮಾಡಿದರು. ಅದಕ್ಕೆ ಅವರು ಈಗಾಗಲೇ 4 ಕೋಟಿ ರೂ.ಹಣವು ಹಣ ಬಿಡುಗಡೆ ಮಾಡಿದ್ದಾರೆ ಎಂದು ತಿಳಿಸಿದರು. ಗುರುಮಿಠಕಲ್ ಕ್ಷೇತ್ರಕ್ಕೆ ಕಾಂಗ್ರೆಸ್ ಸರ್ಕಾರದಿಂದ ಹೆಚ್ಚಿನ ಅನುದಾನ ಬಂದಿದೆ. ರಸ್ತೆ, ಕುಡಿಯುವ ನೀರು, ಶಿಕ್ಷಣ ಸೇರಿದಂತೆ ಹಲವು ಅಭಿವೃದ್ಧಿ ಕಾಮಗಾರಿಗಳು ನಡೆಯುತ್ತಿವೆ. ಮುಂಬರುವ 2028 ವಿಧಾನಸಭಾ ಚುನಾವಣೆಯಲ್ಲಿ ಬದ್ಧ ಸಹಕಾರವಾಗಿ
ಬರುವ ಚುನಾವಣೆಯಲ್ಲಿ ಕಾಂಗ್ರೆಸ್ ಅಭ್ಯರ್ಥಿ ಗೆಲ್ಲಿಸಲು ಎಲ್ಲರೂ ಶ್ರಮಿಸಬೇಕು ಎಂದರು. ಬಸವರಾಜ ಜೈನ್, ಶರಣಪ್ಪ ಮಾನೇಗಾರ ಅವರನ್ನು ಪಕ್ಷದ ಮುಖಂಡರು ಸನ್ಮಾನಿಸಿದರು. ಕಾರ್ಯಕರ್ತರ ಉತ್ಸಾಹ ಕಂಡು ಸಂತಸ ವ್ಯಕ್ತಪಡಿಸಿದರು. ಈ ವೇಳೆ ಮಲ್ಲಿಕಾರ್ಜುನ ಕುಂಬಾರ, ಯಲ್ಲಾಲಿಂಗ ಅವರು ಉಪಸ್ಥಿತರಿದ್ದರು.
ಸಿಲಿಂಡರ್‌ಗಾಗಿ
ಸಾಲುಗಟ್ಟಿ
ನಿಂತ ಜನ
ಬೆಂಗಳೂರು: ನಗರದಲ್ಲಿ ಗೃಹಬಳಕೆ ಎಲ್‌ಪಿಜಿ ಸಿಲಿಂಡರ್‌ಗಳಿಗಾಗಿ ಜನರು ಅನಿವಾರ್ಯವಾಗಿ ಸಾಲುಗಟ್ಟಿ ನಿಲ್ಲುವ ಪರಿಸ್ಥಿತಿ ಮತ್ತೊಮ್ಮೆ ತಲೆದೋರಿದೆ. ಮಧ್ಯಪ್ರಾಚ್ಯ ಉದ್ವಿಗ್ನತೆ ಹಿನ್ನೆಲೆ ಸರಬರಾಜು ವ್ಯತ್ಯಯವಾಗಿದ್ದು, ಬುಕ್ ಮಾಡಿದರೂ ಸಮಯಕ್ಕೆ ಸಿಲಿಂಡರ್ ಸಿಗುತ್ತಿಲ್ಲ. ಬೆಳಗ್ಗೆಯಿಂದಲೇ ಗ್ಯಾಸ್ ಏಜೆನ್ಸಿ ಮುಂದೆ ಸರದಿಯಲ್ಲಿ ನಿಂತ ಜನ ಖಾಲಿ ಸಿಲಿಂಡರ್ ಹಿಡಿದು ಕಾಯುತ್ತಿದ್ದಾರೆ. ಕೆಲವೆಡೆ ಬೆಳಗ್ಗೆ 6 ಗಂಟೆಯಿಂದಲೇ ಸರದಿ ಸಾಲು ಕಂಡುಬಂತು. ದೀರ್ಘಕಾಲದ ಕಾಯುವಿಕೆಯಿಂದ ವೃದ್ಧರು, ಮಹಿಳೆಯರು ತೀವ್ರ ತೊಂದರೆ ಅನುಭವಿಸಿದರು. 'ಇಂಡಿಯನ್ ಗ್ಯಾಸ್' ಏಜೆನ್ಸಿ ಮುಂದೆ
ಮೇಲಿನ ಮೂಲದ ಕಳೆದ 3-4 ದಿನಗಳಿಂದ ಜನರು ಸಿಲಿಂಡರ್‌ಗಾಗಿ ಸಾಲುಗಟ್ಟಿ ನಿಂತು ಕಾಯುತ್ತಿದ್ದಾರೆ. ಅಸಹಕರು ಈಗಾಗಲೇ 2೦ ದಿನಗಳ ಹಿಂದೆ ಬುಕ್ಕಿಂಗ್ ಮಾಡಿದ್ದರೂ ಇನ್ನೂ ಸಿಲಿಂಡರ್ ಡೆಲಿವರಿ ಆಗಿಲ್ಲ ಎಂದು ಆಕ್ರೋಶ ವ್ಯಕ್ತಪಡಿಸಿದರು. ಕಮರ್ಷಿಯಲ್ ಬಳಕೆ ಕುರಿತು ಗೊಂದಲ ಕೂಡ ಕಾಡುತ್ತಿದೆ. ಈ ನಿಯಮ ಕಮರ್ಷಿಯಲ್ ಎಲ್‌ಪಿಜಿ ಸಿಲಿಂಡರ್ ಕೊರತೆ ಹೋಟೆಲ್ ಉದ್ಯಮಕ್ಕೆ ಹೊಡೆತ ನೀಡಿದ್ದು, ಇದೀಗ ಅದರ ಪರಿಣಾಮ ಗೃಹಬಳಕೆ ಸಿಲಿಂಡರ್ ಮೇಲೂ ಬೀಳುತ್ತಿದೆ. ಗ್ಯಾಸ್ ಏಜೆನ್ಸಿಗಳು ಬೇಡಿಕೆಗೆ ತಕ್ಕಂತೆ ಪೂರೈಕೆ ಮಾಡಲು ಸಾಧ್ಯವಾಗುತ್ತಿಲ್ಲ. ಆದ್ದರಿಂದ ಜನರು ಪರದಾಡುವಂತಾಗಿದೆ ಎಂದು ಸ್ಥಳೀಯರು ತಿಳಿಸಿದರು. ಹೆಚ್ಚು ಬೇಡಿಕೆಯಿಂದ ಪೂರೈಕೆ ವ್ಯತ್ಯಯವಾಗಿದ್ದು ವಿತರಕರು ಕೂಡ ಅಸಹಾಯಕರಾಗಿದ್ದಾರೆ. ಸರ್ಕಾರ ತಕ್ಷಣ ಮಧ್ಯಪ್ರವೇಶಿಸಿ ಸಮಸ್ಯೆ ಬಗೆಹರಿಸಬೇಕು ಎಂದು ಒತ್ತಾಯಿಸಿದರು. ಬುಕ್ಕಿಂಗ್ ಸ್ಥಗಿತ ಏಕೆ?: ಆದರೆ ಗ್ಯಾಸ್ ಏಜೆನ್ಸಿ ಮಾಲೀಕರು ಹೇಳುವ ಪ್ರಕಾರ, ಗ್ರಾಹಕರು ನಿಗದಿತ ಅವಧಿಗೆ ಮುನ್ನವೇ ಬುಕ್ಕಿಂಗ್ ಮಾಡುತ್ತಿರುವುದರಿಂದ ಬೇಡಿಕೆ ದಿಢೀರನೆ ಹೆಚ್ಚಾಗಿದೆ. ಈ ಹಿಂದೆ 25 ದಿನಗಳ ಅಂತರದಲ್ಲಿ ಬುಕ್ಕಿಂಗ್ ಅವಕಾಶವಿತ್ತು. ಈಗ 45 ದಿನಗಳಿಗೆ ಏರಿಸಲಾಗಿದೆ. 5೦೦ರಿಂದ 6೦೦ ಬುಕ್ಕಿಂಗ್ ಆಗುತ್ತಿದ್ದವು, ಈಗ ದಿನಕ್ಕೆ 2೦೦೦ಕ್ಕೂ ಹೆಚ್ಚು ಬುಕ್ಕಿಂಗ್ ಆಗುತ್ತಿವೆ. ಡಿಸ್ಟ್ರಿಬ್ಯೂಟರ್ ಮಟ್ಟದಲ್ಲಿ ಪೂರೈಕೆ ಸರಿಯಾಗಿ ಆಗುತ್ತಿಲ್ಲ ಎನ್ನುತ್ತಾರೆ. ಜನರು ಆತಂಕಕ್ಕೆ ಒಳಗಾಗದೆ ಸಹಕರಿಸಬೇಕು. ಪೂರೈಕೆ ಶೀಘ್ರದಲ್ಲೇ ಸಹಜ ಸ್ಥಿತಿಗೆ ಮರಳಲಿದೆ ಎಂದು ಏಜೆನ್ಸಿ ಮಾಲೀಕರು ಭರವಸೆ ನೀಡಿದರು. ಈ ಕುರಿತು ಪ್ರತಿಕ್ರಿಯಿಸಿದ ಆಹಾರ ಇಲಾಖೆ ಅಧಿಕಾರಿಗಳು, ಕಮರ್ಷಿಯಲ್ ಸಿಲಿಂಡರ್ ಸಮಸ್ಯೆಯ ನಂತರ ಈಗ ಗೃಹಬಳಕೆ ಸಿಲಿಂಡರ್ ಮೇಲೂ ಒತ್ತಡ ಹೆಚ್ಚಾಗಿದೆ. ಸರ್ಕಾರ ತೈಲ ಕಂಪನಿಗಳ ಜೊತೆ ಮಾತುಕತೆ ನಡೆಸುತ್ತಿದೆ ಎಂದರು.
